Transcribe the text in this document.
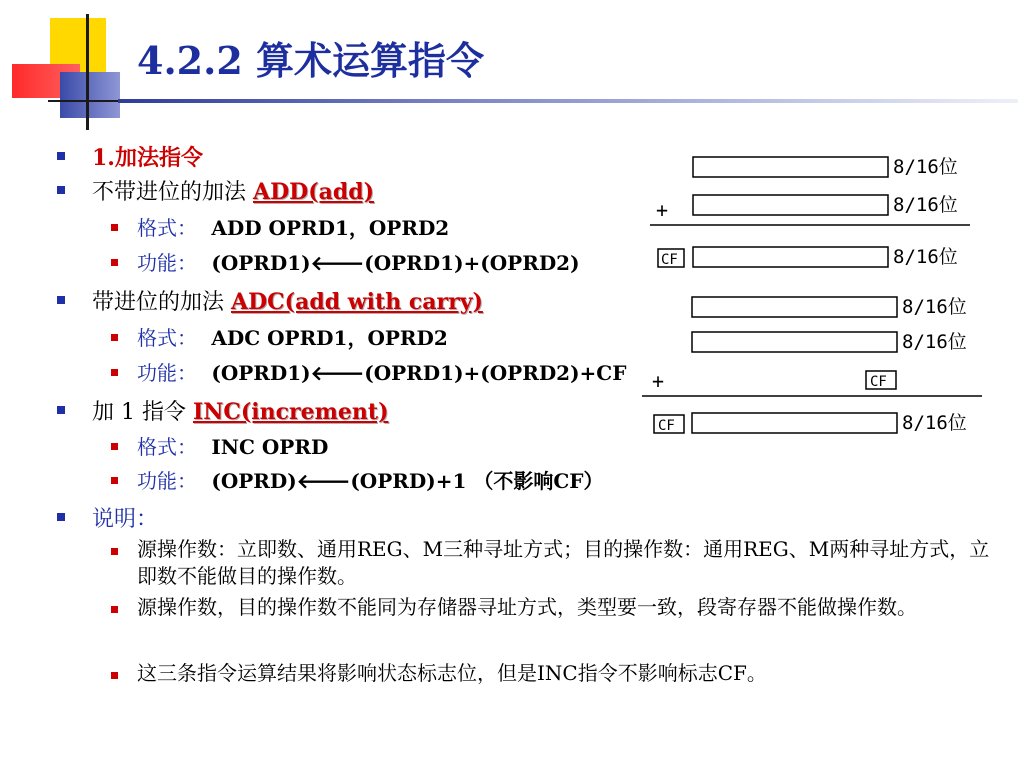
4.2.2 算术运算指令
1.加法指令
不带进位的加法 ADD(add)
格式： ADD OPRD1，OPRD2
功能： (OPRD1)🡐(OPRD1)+(OPRD2)
带进位的加法 ADC(add with carry)
格式： ADC OPRD1，OPRD2
功能： (OPRD1)🡐(OPRD1)+(OPRD2)+CF
加 1 指令 INC(increment)
格式： INC OPRD
功能： (OPRD)🡐(OPRD)+1 （不影响CF）
说明：
源操作数：立即数、通用REG、M三种寻址方式；目的操作数：通用REG、M两种寻址方式，立即数不能做目的操作数。
源操作数，目的操作数不能同为存储器寻址方式，类型要一致，段寄存器不能做操作数。
这三条指令运算结果将影响状态标志位，但是INC指令不影响标志CF。
8/16位
8/16位
8/16位
8/16位
8/16位
8/16位
+
+
CF
CF
CF
